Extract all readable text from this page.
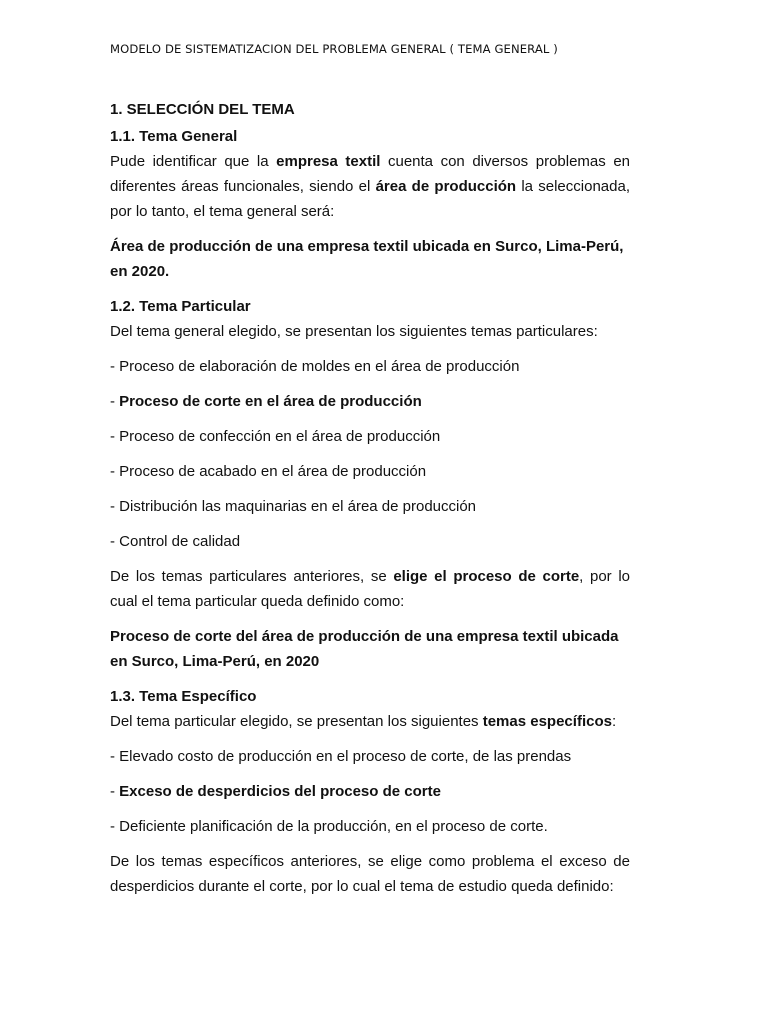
MODELO DE SISTEMATIZACION DEL PROBLEMA GENERAL ( TEMA GENERAL )

1. SELECCIÓN DEL TEMA

1.1. Tema General

Pude identificar que la empresa textil cuenta con diversos problemas en diferentes áreas funcionales, siendo el área de producción la seleccionada, por lo tanto, el tema general será:

Área de producción de una empresa textil ubicada en Surco, Lima-Perú, en 2020.

1.2. Tema Particular

Del tema general elegido, se presentan los siguientes temas particulares:

- Proceso de elaboración de moldes en el área de producción

- Proceso de corte en el área de producción

- Proceso de confección en el área de producción

- Proceso de acabado en el área de producción

- Distribución las maquinarias en el área de producción

- Control de calidad

De los temas particulares anteriores, se elige el proceso de corte, por lo cual el tema particular queda definido como:

Proceso de corte del área de producción de una empresa textil ubicada en Surco, Lima-Perú, en 2020

1.3. Tema Específico

Del tema particular elegido, se presentan los siguientes temas específicos:

- Elevado costo de producción en el proceso de corte, de las prendas

- Exceso de desperdicios del proceso de corte

- Deficiente planificación de la producción, en el proceso de corte.

De los temas específicos anteriores, se elige como problema el exceso de desperdicios durante el corte, por lo cual el tema de estudio queda definido:
